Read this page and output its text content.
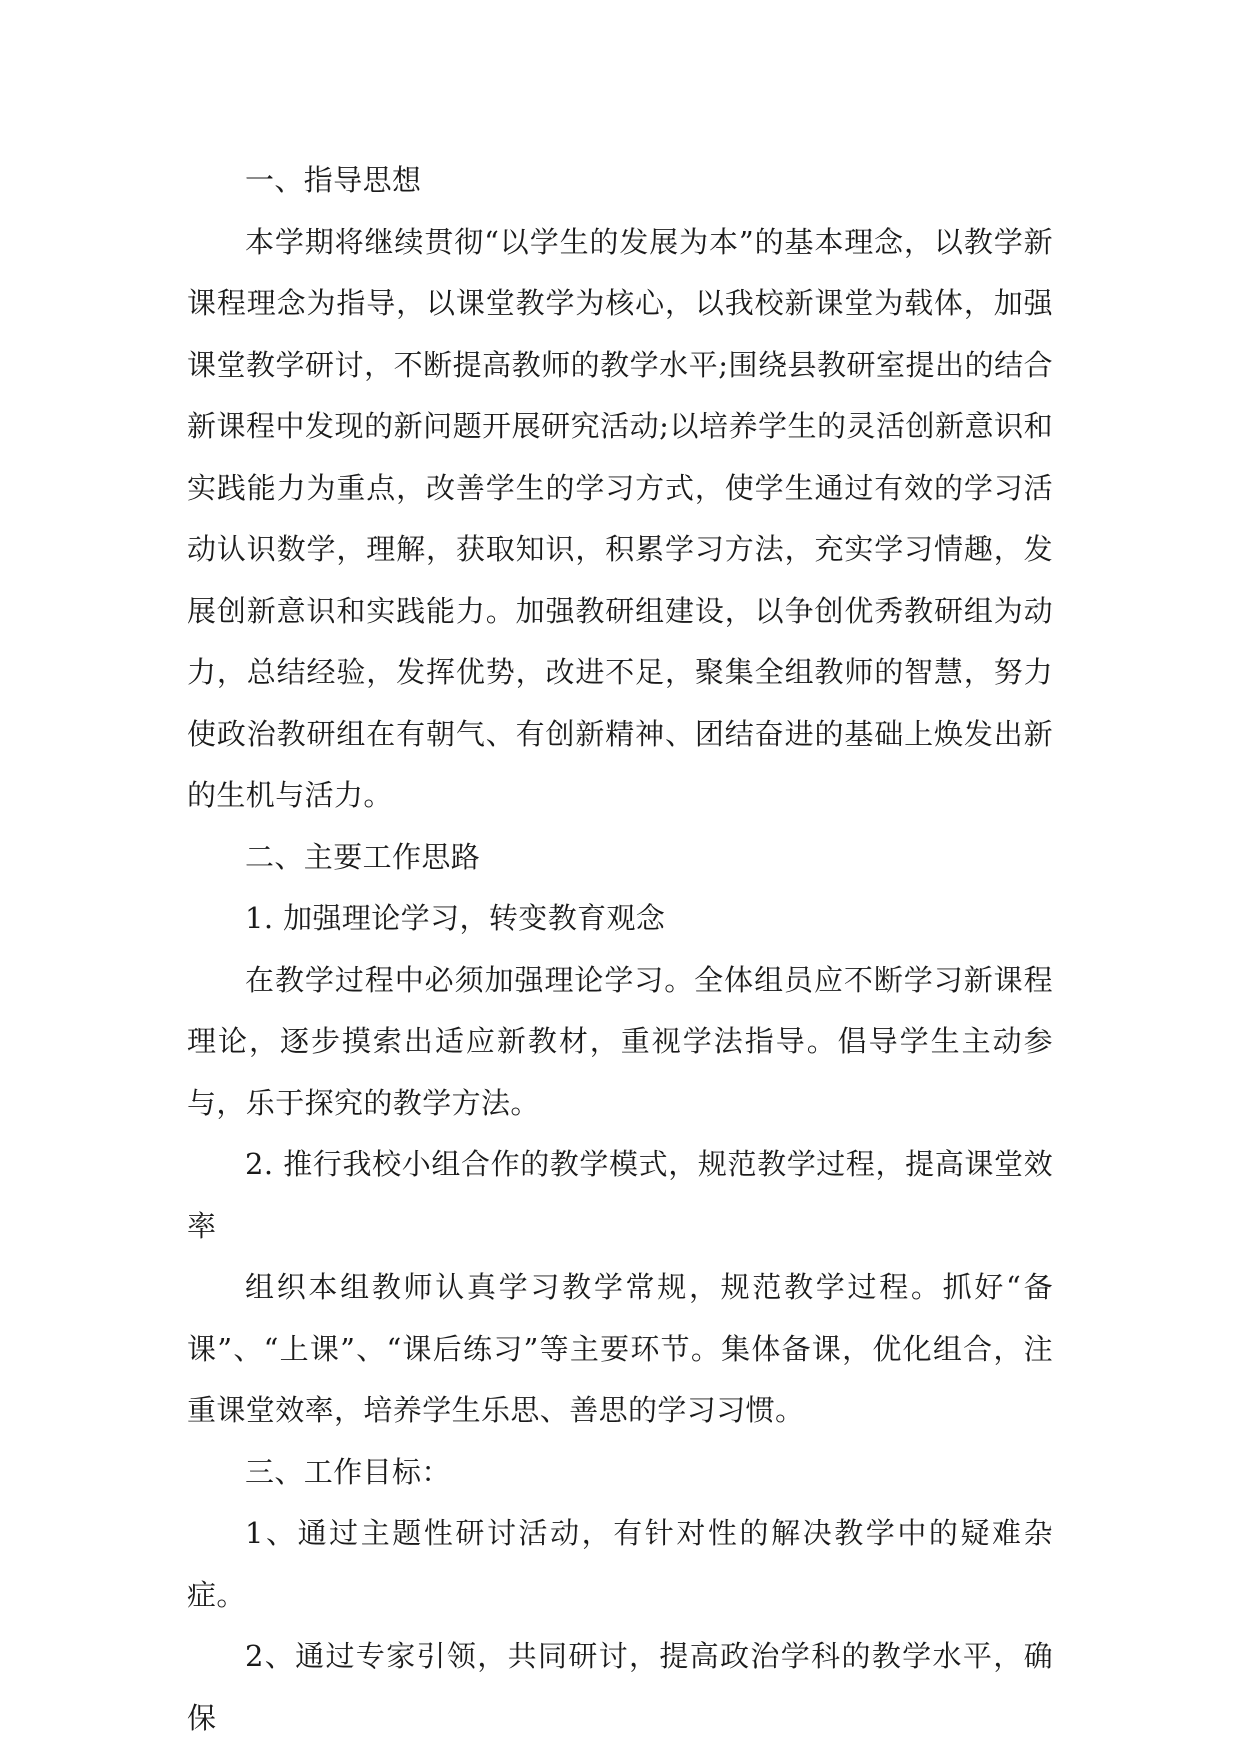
一、指导思想

本学期将继续贯彻“以学生的发展为本”的基本理念，以教学新课程理念为指导，以课堂教学为核心，以我校新课堂为载体，加强课堂教学研讨，不断提高教师的教学水平;围绕县教研室提出的结合新课程中发现的新问题开展研究活动;以培养学生的灵活创新意识和实践能力为重点，改善学生的学习方式，使学生通过有效的学习活动认识数学，理解，获取知识，积累学习方法，充实学习情趣，发展创新意识和实践能力。加强教研组建设，以争创优秀教研组为动力，总结经验，发挥优势，改进不足，聚集全组教师的智慧，努力使政治教研组在有朝气、有创新精神、团结奋进的基础上焕发出新的生机与活力。

二、主要工作思路

1. 加强理论学习，转变教育观念

在教学过程中必须加强理论学习。全体组员应不断学习新课程理论，逐步摸索出适应新教材，重视学法指导。倡导学生主动参与，乐于探究的教学方法。

2. 推行我校小组合作的教学模式，规范教学过程，提高课堂效率

组织本组教师认真学习教学常规，规范教学过程。抓好“备课”、“上课”、“课后练习”等主要环节。集体备课，优化组合，注重课堂效率，培养学生乐思、善思的学习习惯。

三、工作目标：

1、通过主题性研讨活动，有针对性的解决教学中的疑难杂症。

2、通过专家引领，共同研讨，提高政治学科的教学水平，确保
